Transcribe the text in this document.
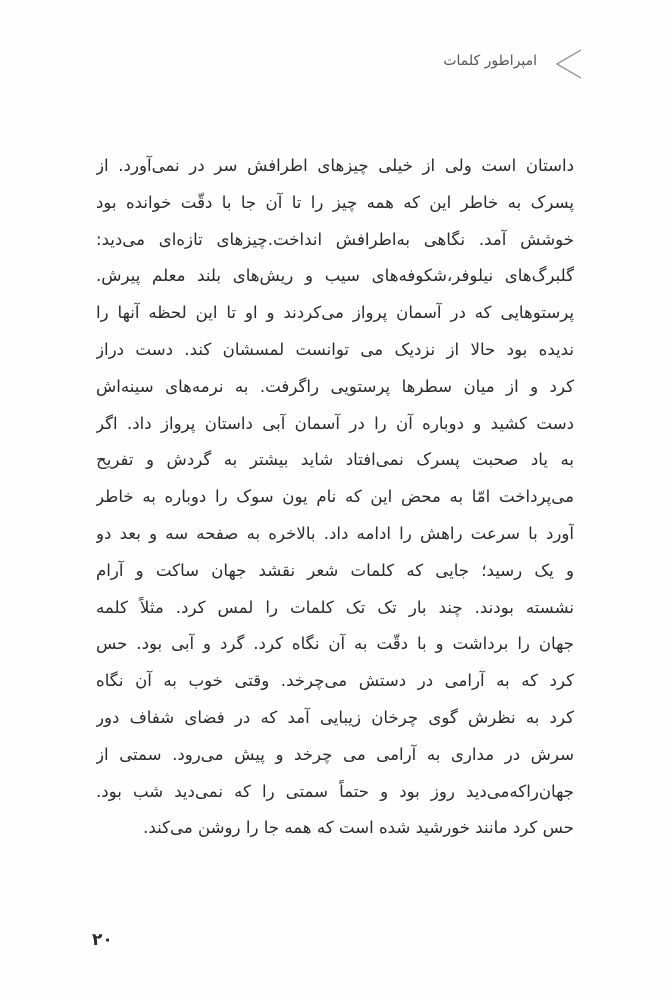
امپراطور کلمات
داستان است ولی از خیلی چیزهای اطرافش سر در نمی‌آورد. از
پسرک به خاطر این که همه چیز را تا آن جا با دقّت خوانده بود
خوشش آمد. نگاهی به‌اطرافش انداخت.چیزهای تازه‌ای می‌دید:
گلبرگ‌های نیلوفر،شکوفه‌های سیب و ریش‌های بلند معلم پیرش.
پرستوهایی که در آسمان پرواز می‌کردند و او تا این لحظه آنها را
ندیده بود حالا از نزدیک می توانست لمسشان کند. دست دراز
کرد و از میان سطرها پرستویی راگرفت. به نرمه‌های سینه‌اش
دست کشید و دوباره آن را در آسمان آبی داستان پرواز داد. اگر
به یاد صحبت پسرک نمی‌افتاد شاید بیشتر به گردش و تفریح
می‌پرداخت امّا به محض این که نام یون سوک را دوباره به خاطر
آورد با سرعت راهش را ادامه داد. بالاخره به صفحه سه و بعد دو
و یک رسید؛ جایی که کلمات شعر نقشد جهان ساکت و آرام
نشسته بودند. چند بار تک تک کلمات را لمس کرد. مثلاً کلمه
جهان را برداشت و با دقّت به آن نگاه کرد. گرد و آبی بود. حس
کرد که به آرامی در دستش می‌چرخد. وقتی خوب به آن نگاه
کرد به نظرش گوی چرخان زیبایی آمد که در فضای شفاف دور
سرش در مداری به آرامی می چرخد و پیش می‌رود. سمتی از
جهان‌راکه‌می‌دید روز بود و حتماً سمتی را که نمی‌دید شب بود.
حس کرد مانند خورشید شده است که همه جا را روشن می‌کند.
۲۰
